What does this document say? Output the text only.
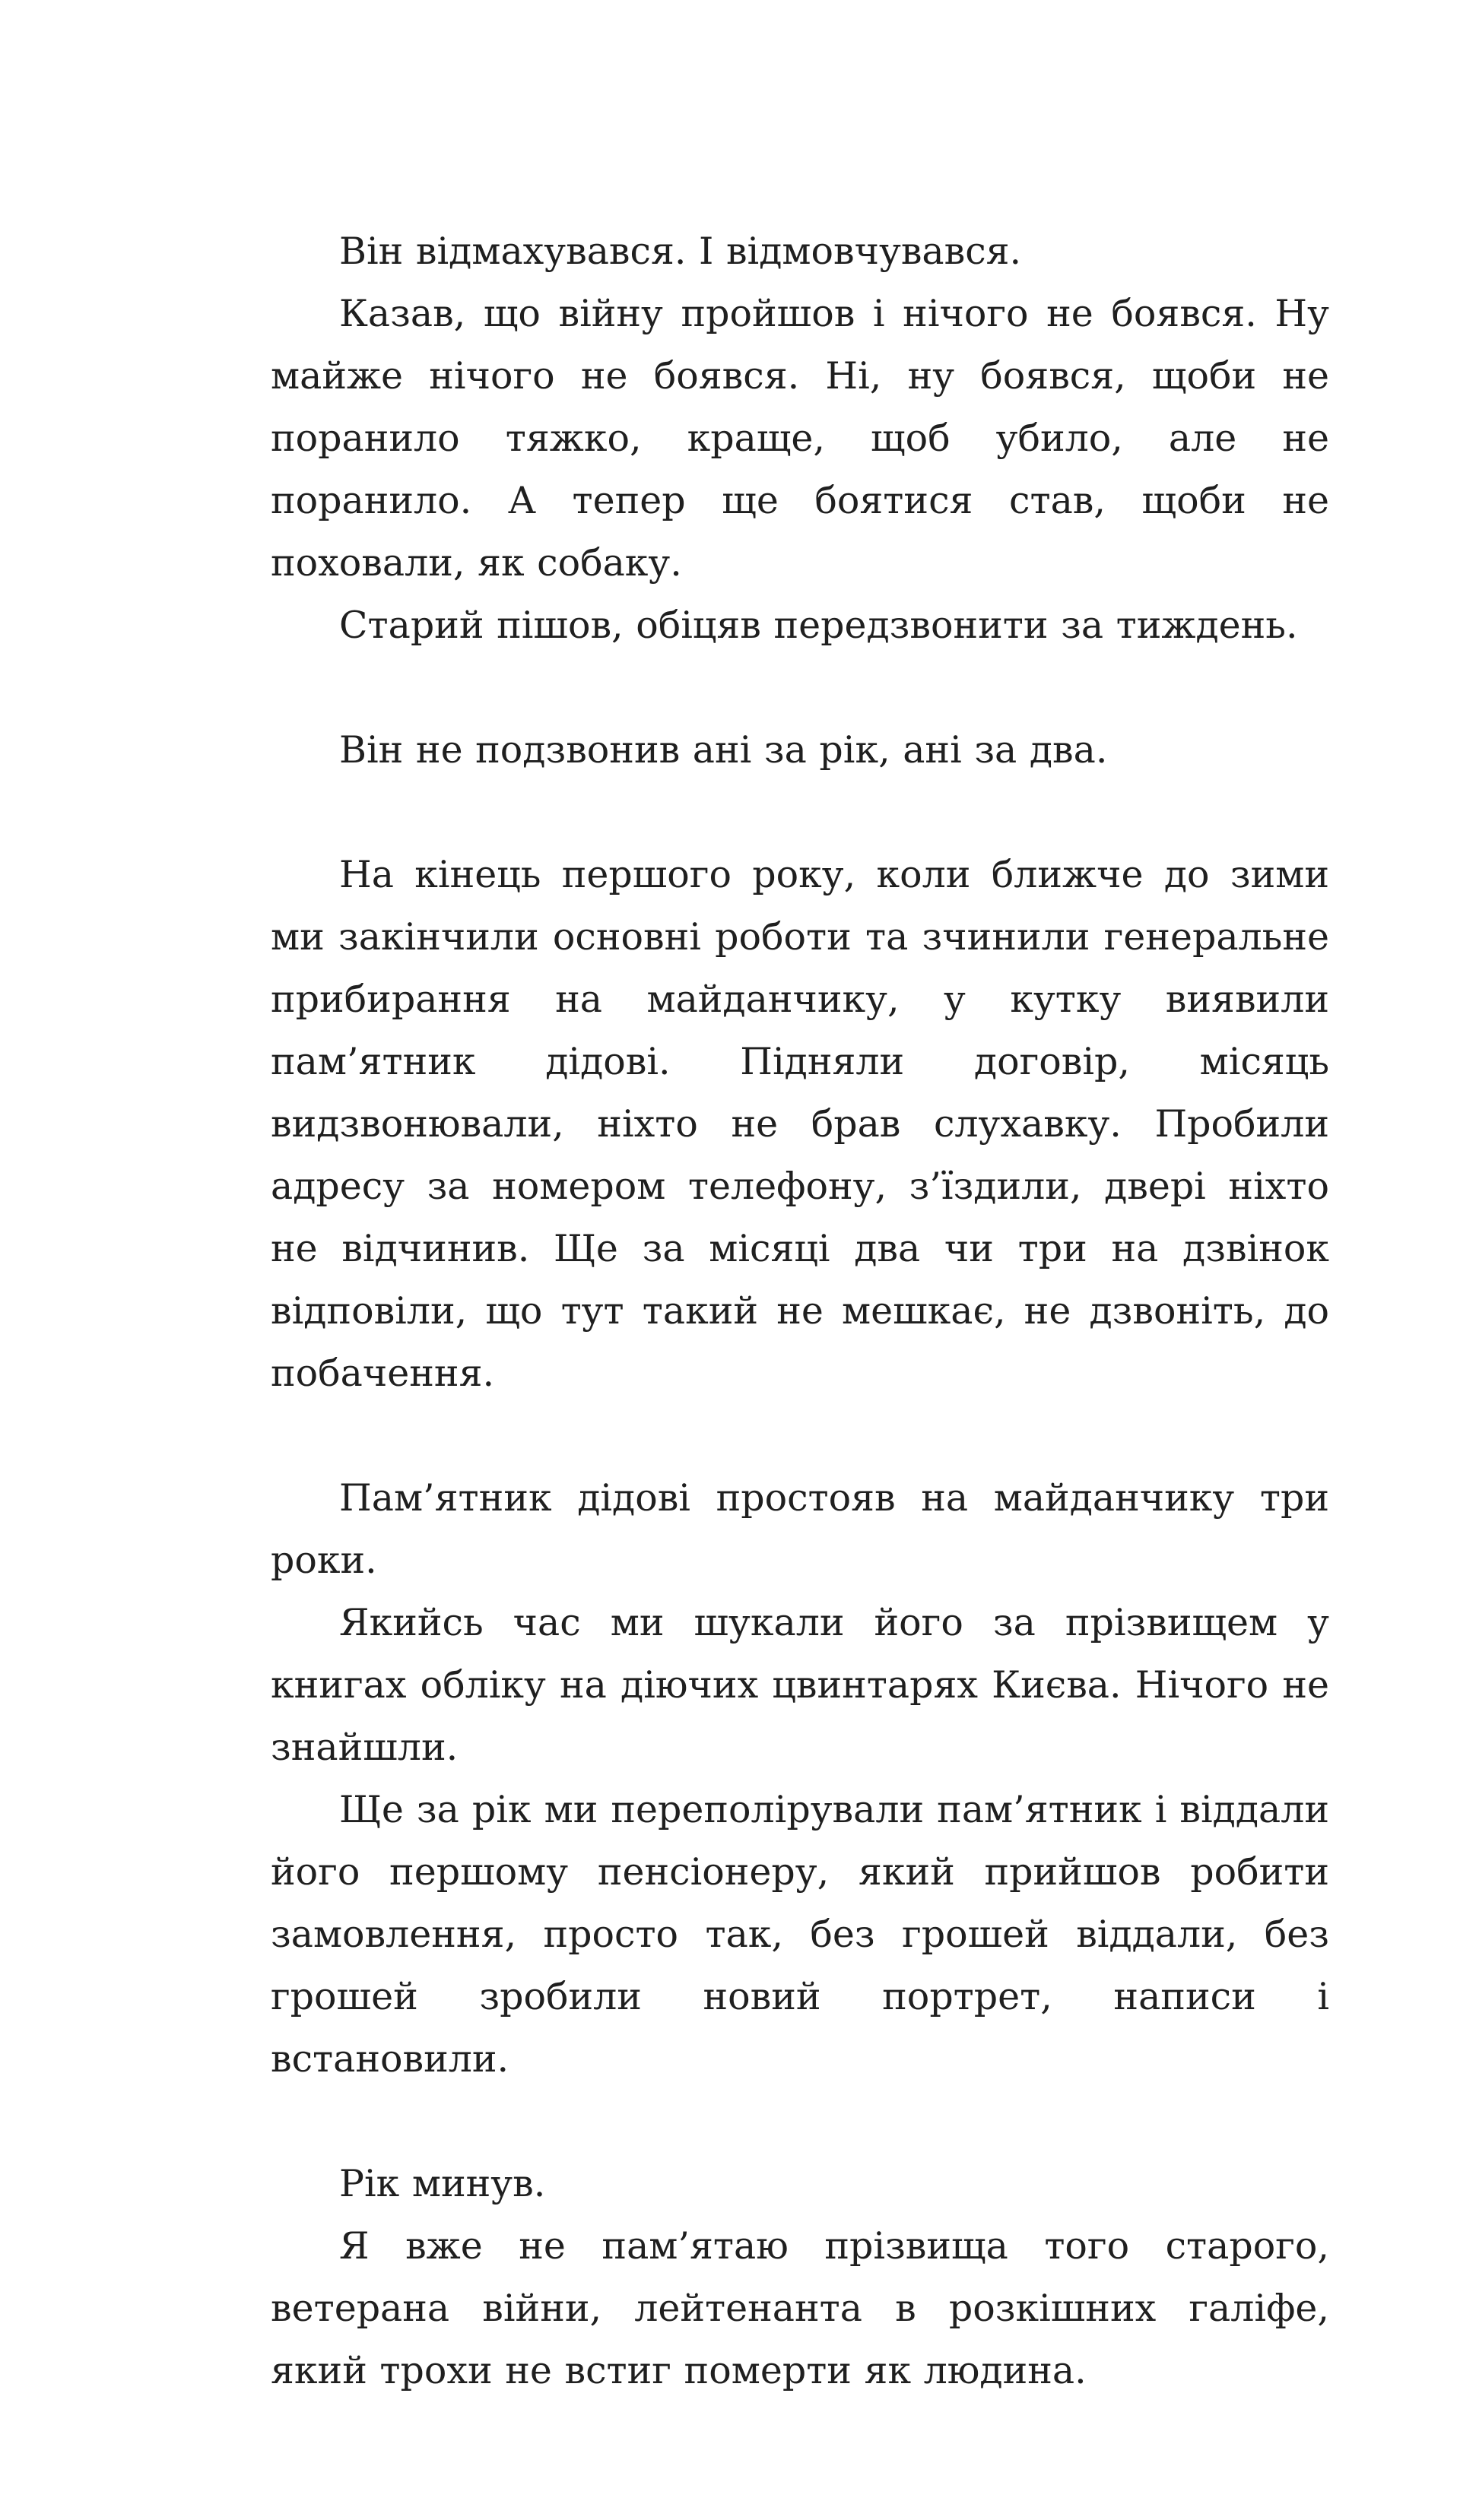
Він відмахувався. І відмовчувався.

Казав, що війну пройшов і нічого не боявся. Ну майже нічого не боявся. Ні, ну боявся, щоби не поранило тяжко, краще, щоб убило, але не поранило. А тепер ще боятися став, щоби не поховали, як собаку.

Старий пішов, обіцяв передзвонити за тиждень.

Він не подзвонив ані за рік, ані за два.

На кінець першого року, коли ближче до зими ми закінчили основні роботи та зчинили генеральне прибирання на майданчику, у кутку виявили пам’ятник дідові. Підняли договір, місяць видзвонювали, ніхто не брав слухавку. Пробили адресу за номером телефону, з’їздили, двері ніхто не відчинив. Ще за місяці два чи три на дзвінок відповіли, що тут такий не мешкає, не дзвоніть, до побачення.

Пам’ятник дідові простояв на майданчику три роки.

Якийсь час ми шукали його за прізвищем у книгах обліку на діючих цвинтарях Києва. Нічого не знайшли.

Ще за рік ми переполірували пам’ятник і віддали його першому пенсіонеру, який прийшов робити замовлення, просто так, без грошей віддали, без грошей зробили новий портрет, написи і встановили.

Рік минув.

Я вже не пам’ятаю прізвища того старого, ветерана війни, лейтенанта в розкішних галіфе, який трохи не встиг померти як людина.
